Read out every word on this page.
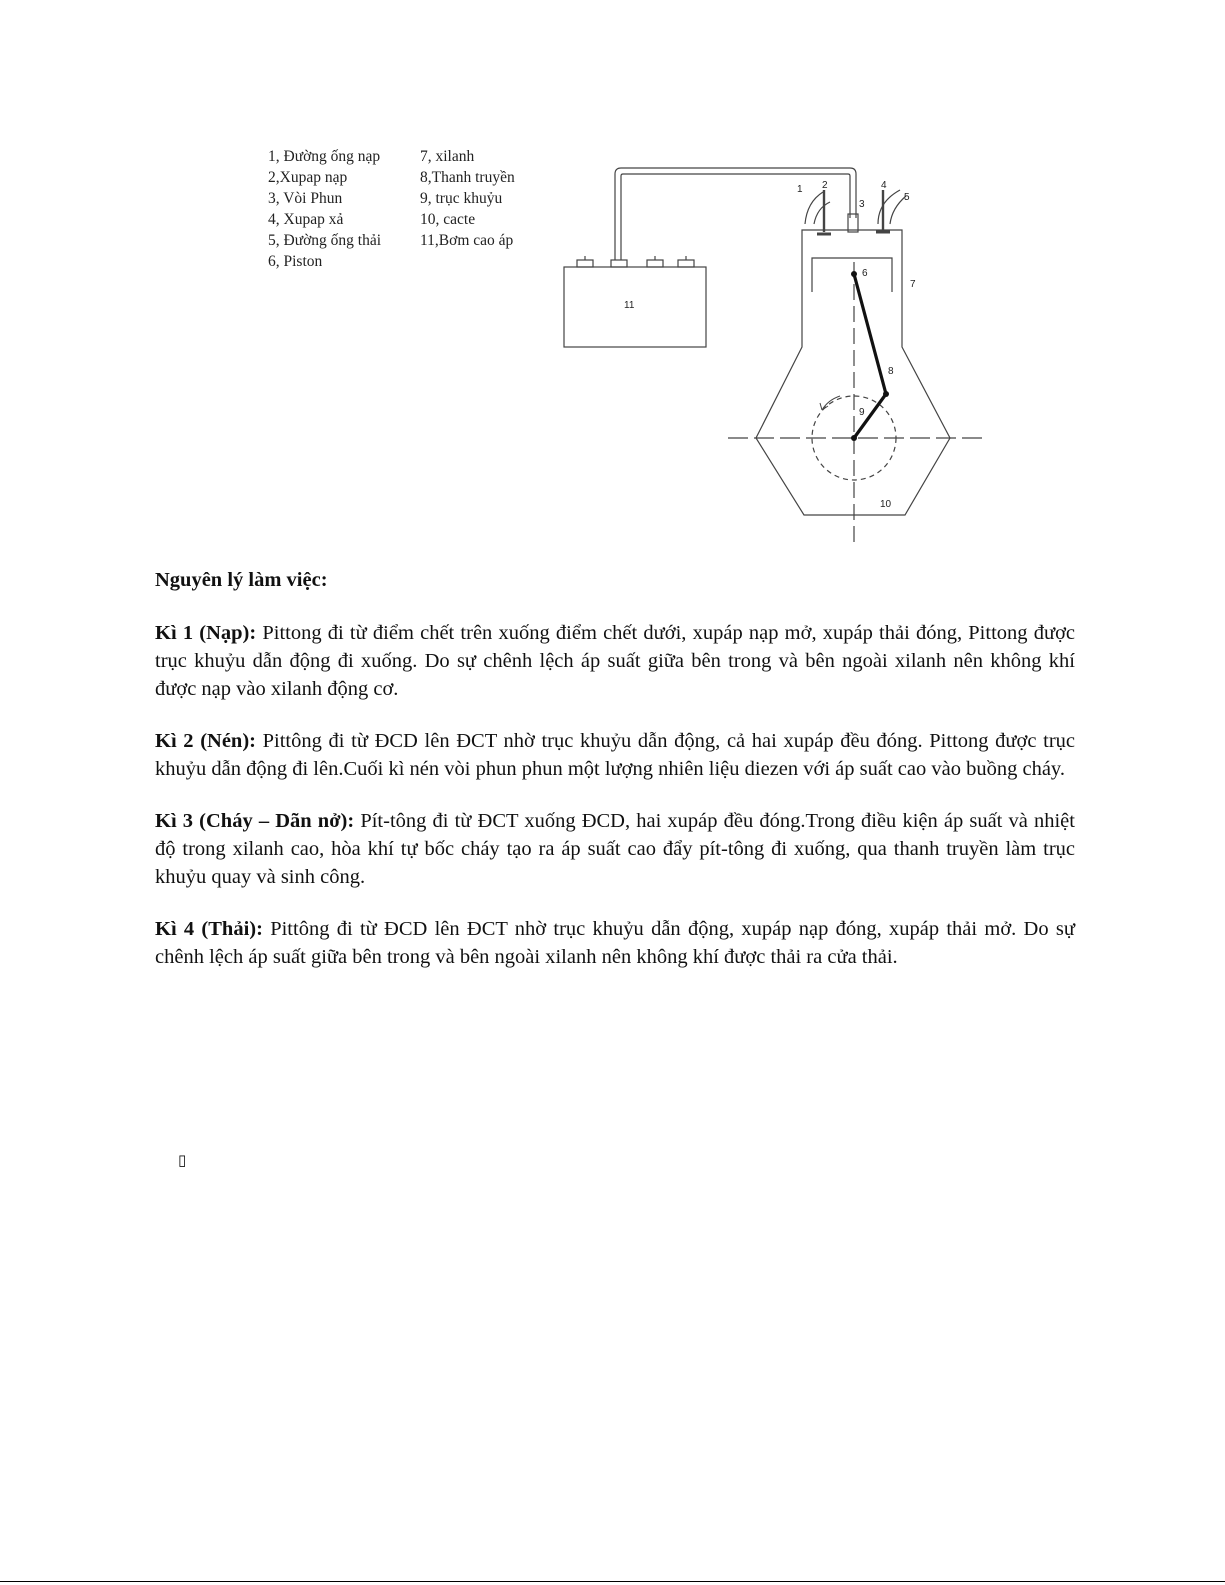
1, Đường ống nạp	7, xilanh
2,Xupap nạp	8,Thanh truyền
3, Vòi Phun	9, trục khuỷu
4, Xupap xả	10, cacte
5, Đường ống thải	11,Bơm cao áp
6, Piston
1 2
3
4
5
6
7
8
9
10
11
Nguyên lý làm việc:

Kì 1 (Nạp): Pittong đi từ điểm chết trên xuống điểm chết dưới, xupáp nạp mở, xupáp thải đóng, Pittong được trục khuỷu dẫn động đi xuống. Do sự chênh lệch áp suất giữa bên trong và bên ngoài xilanh nên không khí được nạp vào xilanh động cơ.

Kì 2 (Nén): Pittông đi từ ĐCD lên ĐCT nhờ trục khuỷu dẫn động, cả hai xupáp đều đóng. Pittong được trục khuỷu dẫn động đi lên.Cuối kì nén vòi phun phun một lượng nhiên liệu diezen với áp suất cao vào buồng cháy.

Kì 3 (Cháy – Dãn nở): Pít-tông đi từ ĐCT xuống ĐCD, hai xupáp đều đóng.Trong điều kiện áp suất và nhiệt độ trong xilanh cao, hòa khí tự bốc cháy tạo ra áp suất cao đẩy pít-tông đi xuống, qua thanh truyền làm trục khuỷu quay và sinh công.

Kì 4 (Thải): Pittông đi từ ĐCD lên ĐCT nhờ trục khuỷu dẫn động, xupáp nạp đóng, xupáp thải mở. Do sự chênh lệch áp suất giữa bên trong và bên ngoài xilanh nên không khí được thải ra cửa thải.

▯
